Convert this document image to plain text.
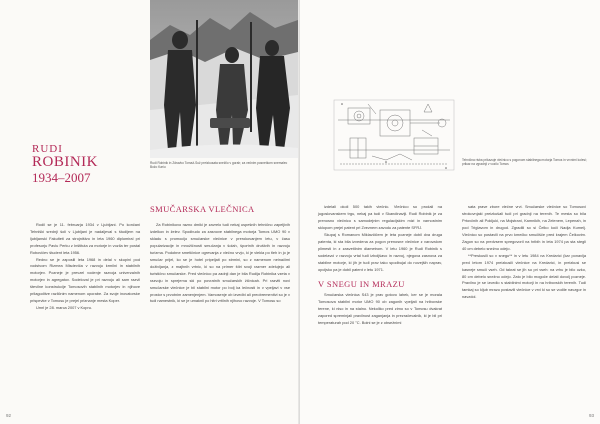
RUDI
ROBINIK
1934–2007

Rodil se je 11. februarja 1934 v Ljubljani. Po končani Tehniški srednji šoli v Ljubljani je nadaljeval s študijem na ljubljanski Fakulteti za strojništvo in leta 1960 diplomiral pri profesorju Pavlu Perku z Inštituta za motorje in vozila ter postal Robovičev študent leta 1956.

Redno se je zaposlil leta 1968 in delal v skupini pod vodstvom Rizmea Misdeviča v razvoju krmilni in stabilnih motorjev. Pozneje je prevzel vodenje razvoja univerzalnih motorjev in agregatov. Sodeloval je pri razvoju ali sam razvil številne konstrukcije Tomosovih stabilnih motorjev in njihove prilagoditve različnim namenom uporabe. Za svoje inovatorske prispevke v Tomosu je prejel priznanje mesta Koper.

Umrl je 28. marca 2007 v Kopru.

Rudi Robinik in Zdravko Tomaž-Suž preizkusata snežilo v gorah; za večnim posnetkom snemalec Božo Kariu
SMUČARSKA VLEČNICA

Za Robinikovo razno dmiki je zavrelo tudi nekaj uspešnih tehnično zapeljivih izdelkov in želev. Spodbudo za zasnove stabilnega motorja Tomos UMO 90 v skladu s promocijo smučarske vlečnice v prerokovanjem letu, v času popularizacije in množičnosti smučanja v šolah, športnih društvih in razvoju turizma. Podobne smetičnice ogrevanja z vlečno vrvjo, ki je vlekla po tleh in jo je smučar prijel, ko se je hotel pripeljati po strmini, so z namenom neinačimi doživljanja, z majhnih vrtnic, ki so na primer štiri svoji razmer zdelujejo ali turistično smučarske. Pred vlečnico pa zadnji dan je bila Rudija Robinika vzeta v razvoju in sprejema ski po povratnih smučarskih žičnicah. Pri razviti novi smučarske vlečnice je bil stabilni motor po bolj ka lečnosti in v vpeljavi v vse prostor s prvotnim zamenjenjem. Vamosenje ob izvedbi ali preobremenitvi so je v tudi namestnik, ki se je umaknil po hitri vrtilnih njihovo razvoje. V Tomosu so

92
Tehnična risba prikazuje vlečnico s pogonom stabilnega motorja Tomos in vrvnimi kolesi; prikaz na vgradnji v vozilo Tomos

izdelali okoli 500 takih vlečnic. Vlečnico so prodali na jugoslovanskem trgu, nekaj pa tudi v Skandinaviji. Rudi Robinik je za prenosno vlečnico s samodejnim regulacijskim mizi in varnostnim sklopom prejel patent pri Zveznem zavodu za patente SFRJ.

Skupaj s Romanom Miklavčičem je leta pozneje dobil dva druga patenta, ki sta bila izvedena za pogon prenosne vlečnice z varovalom plimesti in z zasvetilnim diametrom. V letu 1960 je Rudi Robinik s sodelavci v razvoju vrtal tudi izboljšavo in razvoj, njegova zasnova za stabilne motorje, ki jih je tudi prav tako spodbujal do novejših naprav, opcijsko pa je dobil patent v letu 1971.

V SNEGU IN MRAZU

Smučarska vlečnica S43 je prav gotovo lahek, ker se je morala Tomosova stabilni motor UMO 90 ob zagonih vpeljati na hribovske terene, ki niso in na stalno. Nekoliko pred zimo so v Tomosu dvakrat zapored spreminjali pravilnost zaganjanja in prezračevalnik, ki je bil pri temperaturah pod 20 °C. Bolni se je z obsežnimi

sata prave zbore vlečne vrvi. Smučarske vlečnice so Tomosovi strokovnjaki preizkušali tudi pri gradnji na terenih. Te mesta so bila Prtovčnih ali Pokljuki, na Mojstrani, Kamnikih, na Zelenem, Lepenah, in pod Triglavom in drugod. Zgradili so si Čelko koči Nadja Kumelj. Vlečnico so postavili na prvo kmečko smučišče pred krajem Čelkovim. Zagon so na predvsem spregovoril na hribih in leta 1974 pa sta stegli 40 cm debelo snežno odejo.

**Preskusili so v snegu** in v letu 1984 na Kredarici (kar ponavlja pred letom 1974 preizkusili vlečnice na Kredarici, in preizkusi se kasneje smuči vseh. Od takrat se jih so pri vseh: na vrhu je bilo ozko, 80 cm debelo snežno odejo. Zato je bilo mogoče delati dovolj pozneje. Pravilno je se izvedlo s stabilnimi motorji in na hribovskih terenih. Tudi tamkaj so kljub mrazu postavili vlečnice v vrvi ki so se vodile navzgor in navzdol.

93
